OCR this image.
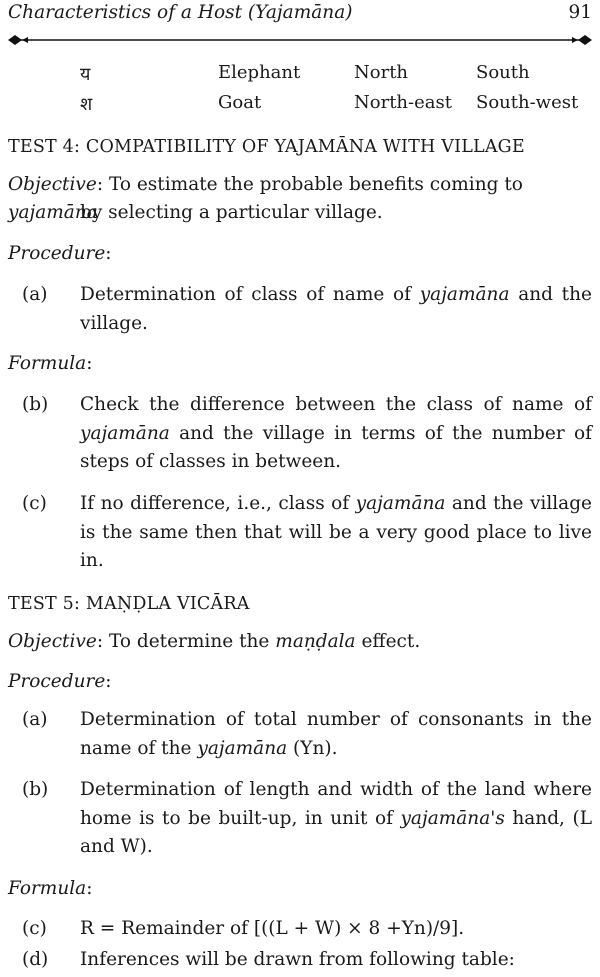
Characteristics of a Host (Yajamāna)	91
य	Elephant	North	South
श	Goat	North-east South-west
TEST 4: COMPATIBILITY OF YAJAMĀNA WITH VILLAGE
Objective: To estimate the probable benefits coming to yajamāna
by selecting a particular village.
Procedure:
(a) Determination of class of name of yajamāna and the village.
Formula:
(b) Check the difference between the class of name of yajamāna and the village in terms of the number of steps of classes in between.
(c) If no difference, i.e., class of yajamāna and the village is the same then that will be a very good place to live in.
TEST 5: MAṆḌLA VICĀRA
Objective: To determine the maṇḍala effect.
Procedure:
(a) Determination of total number of consonants in the name of the yajamāna (Yn).
(b) Determination of length and width of the land where home is to be built-up, in unit of yajamāna's hand, (L and W).
Formula:
(c) R = Remainder of [((L + W) × 8 +Yn)/9].
(d) Inferences will be drawn from following table:
